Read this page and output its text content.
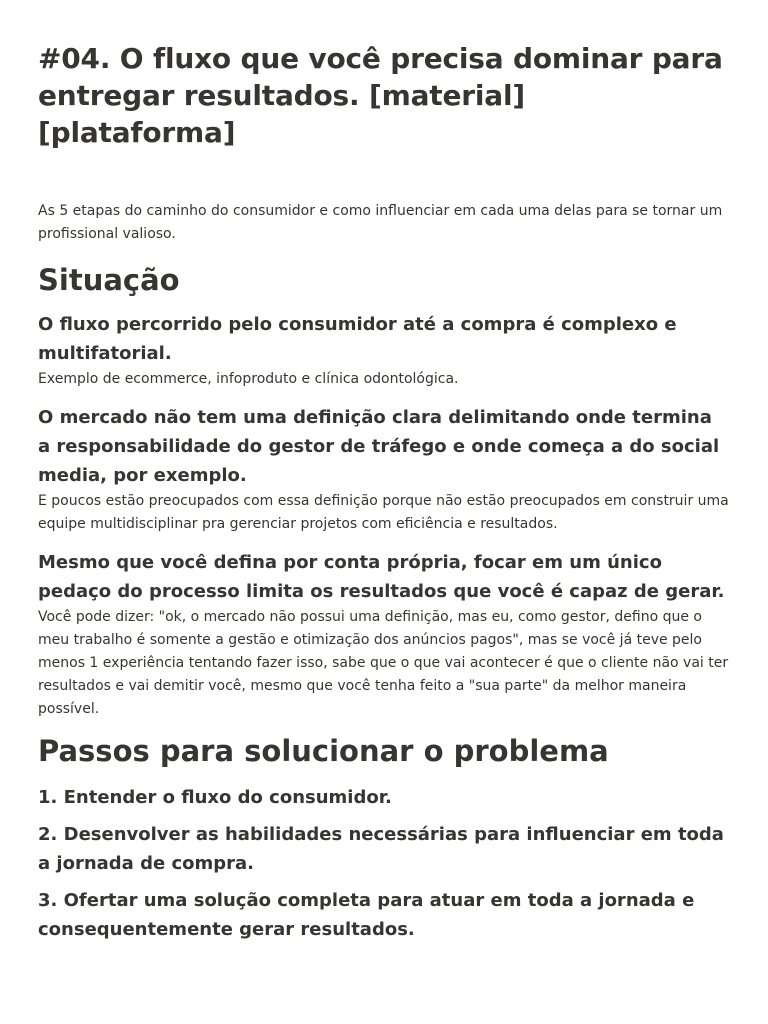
#04. O fluxo que você precisa dominar para entregar resultados. [material] [plataforma]

As 5 etapas do caminho do consumidor e como influenciar em cada uma delas para se tornar um profissional valioso.

Situação
O fluxo percorrido pelo consumidor até a compra é complexo e multifatorial.

Exemplo de ecommerce, infoproduto e clínica odontológica.

O mercado não tem uma definição clara delimitando onde termina a responsabilidade do gestor de tráfego e onde começa a do social media, por exemplo.

E poucos estão preocupados com essa definição porque não estão preocupados em construir uma equipe multidisciplinar pra gerenciar projetos com eficiência e resultados.

Mesmo que você defina por conta própria, focar em um único pedaço do processo limita os resultados que você é capaz de gerar.

Você pode dizer: "ok, o mercado não possui uma definição, mas eu, como gestor, defino que o meu trabalho é somente a gestão e otimização dos anúncios pagos", mas se você já teve pelo menos 1 experiência tentando fazer isso, sabe que o que vai acontecer é que o cliente não vai ter resultados e vai demitir você, mesmo que você tenha feito a "sua parte" da melhor maneira possível.

Passos para solucionar o problema

1. Entender o fluxo do consumidor.

2. Desenvolver as habilidades necessárias para influenciar em toda a jornada de compra.

3. Ofertar uma solução completa para atuar em toda a jornada e consequentemente gerar resultados.
